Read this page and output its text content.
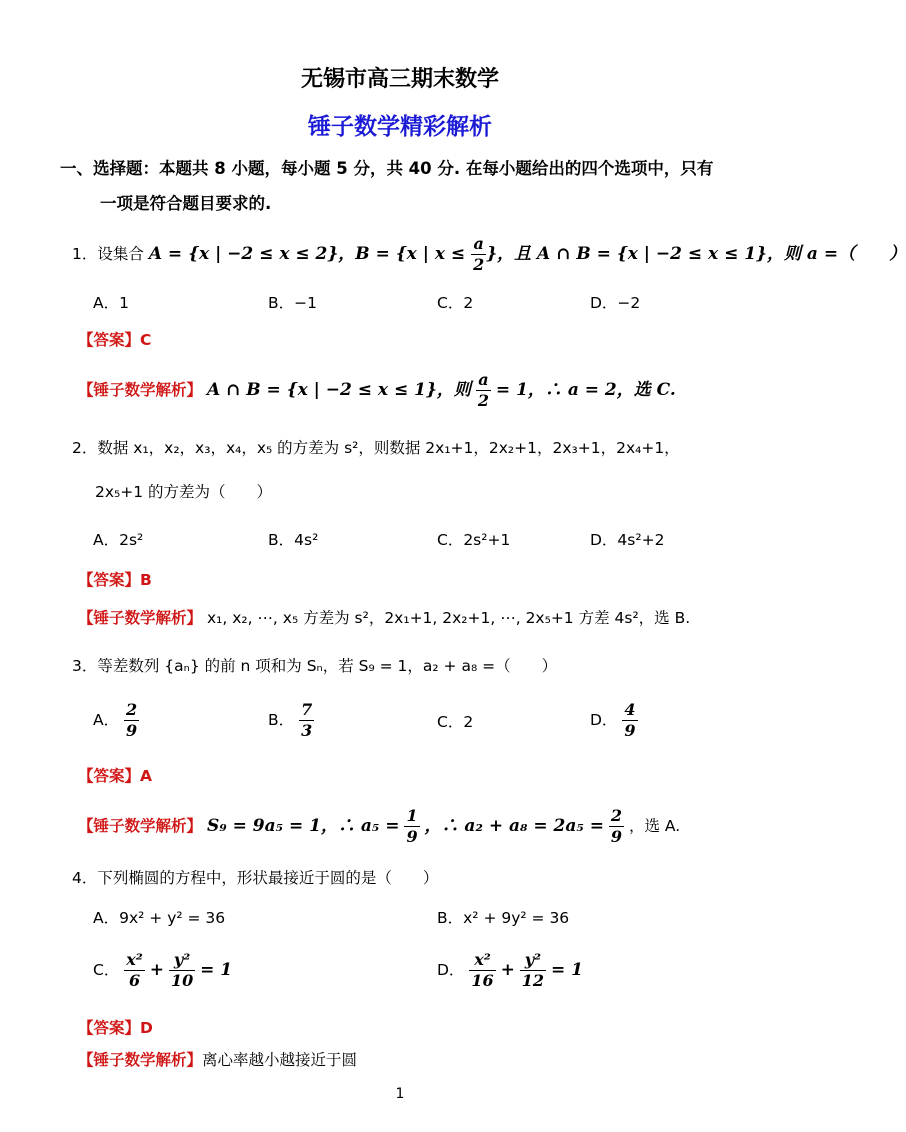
无锡市高三期末数学
锤子数学精彩解析
一、选择题：本题共 8 小题，每小题 5 分，共 40 分. 在每小题给出的四个选项中，只有
一项是符合题目要求的.
1．设集合 A = {x | −2 ≤ x ≤ 2}，B = {x | $x \le \frac{a}{2}$ }，且 A ∩ B = {x | −2 ≤ x ≤ 1}，则 a =（　　）
A．1	B．−1	C．2	D．−2
【答案】C
【锤子数学解析】 A ∩ B = {x | −2 ≤ x ≤ 1}，则 $\frac{a}{2} = 1$，∴ a = 2，选 C.
2．数据 x₁，x₂，x₃，x₄，x₅ 的方差为 s²，则数据 2x₁+1，2x₂+1，2x₃+1，2x₄+1，
2x₅+1 的方差为（　　）
A．2s²	B．4s²	C．2s²+1	D．4s²+2
【答案】B
【锤子数学解析】 x₁, x₂, ⋯, x₅ 方差为 s²，2x₁+1, 2x₂+1, ⋯, 2x₅+1 方差 4s²，选 B.
3．等差数列 {aₙ} 的前 n 项和为 Sₙ，若 S₉ = 1，a₂ + a₈ =（　　）
A． $\frac{2}{9}$	B． $\frac{7}{3}$	C．2	D． $\frac{4}{9}$
【答案】A
【锤子数学解析】 S₉ = 9a₅ = 1，∴ $a_5 = \frac{1}{9}$ ，∴ $a_2 + a_8 = 2a_5 = \frac{2}{9}$ ，选 A.
4．下列椭圆的方程中，形状最接近于圆的是（　　）
A．9x² + y² = 36	B．x² + 9y² = 36
C． $\frac{\text{x²}}{6} + \frac{\text{y²}}{10} = 1$	D． $\frac{\text{x²}}{16} + \frac{\text{y²}}{12} = 1$
【答案】D
【锤子数学解析】离心率越小越接近于圆
1
